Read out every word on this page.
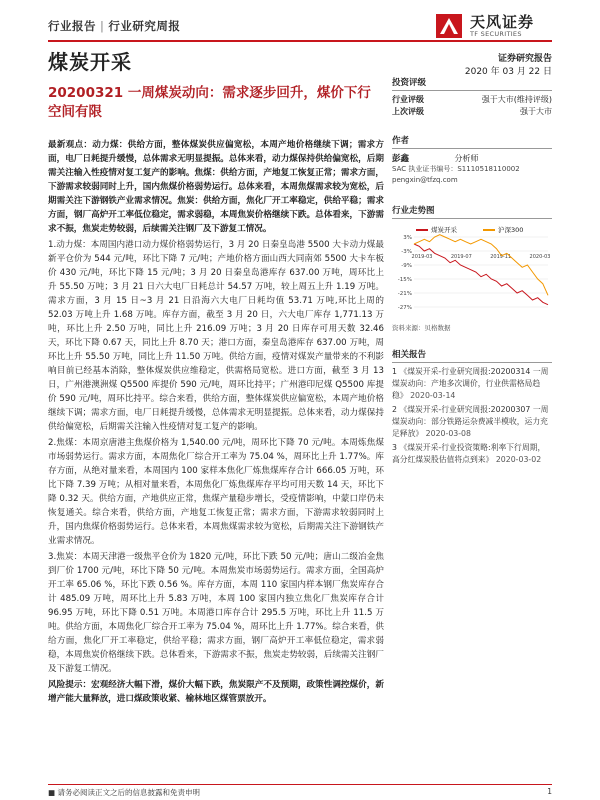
行业报告 | 行业研究周报	天风证券
TF SECURITIES
煤炭开采	证券研究报告
2020 年 03 月 22 日
20200321 一周煤炭动向：需求逐步回升，煤价下行空间有限

最新观点：动力煤：供给方面，整体煤炭供应偏宽松，本周产地价格继续下调；需求方面，电厂日耗提升缓慢，总体需求无明显提振。总体来看，动力煤保持供给偏宽松，后期需关注输入性疫情对复工复产的影响。焦煤：供给方面，产地复工恢复正常；需求方面，下游需求较弱同时上升，国内焦煤价格弱势运行。总体来看，本周焦煤需求较为宽松，后期需关注下游钢铁产业需求情况。焦炭：供给方面，焦化厂开工率稳定，供给平稳；需求方面，钢厂高炉开工率低位稳定，需求弱稳，本周焦炭价格继续下跌。总体看来，下游需求不振，焦炭走势较弱，后续需关注钢厂及下游复工情况。

1.动力煤：本周国内港口动力煤价格弱势运行，3 月 20 日秦皇岛港 5500 大卡动力煤最新平仓价为 544 元/吨，环比下降 7 元/吨；产地价格方面山西大同南郊 5500 大卡车板价 430 元/吨，环比下降 15 元/吨；3 月 20 日秦皇岛港库存 637.00 万吨，周环比上升 55.50 万吨；3 月 21 日六大电厂日耗总计 54.57 万吨，较上周五上升 1.19 万吨。需求方面，3 月 15 日~3 月 21 日沿海六大电厂日耗均值 53.71 万吨,环比上周的 52.03 万吨上升 1.68 万吨。库存方面，截至 3 月 20 日，六大电厂库存 1,771.13 万吨，环比上升 2.50 万吨，同比上升 216.09 万吨；3 月 20 日库存可用天数 32.46 天，环比下降 0.67 天，同比上升 8.70 天；港口方面，秦皇岛港库存 637.00 万吨，周环比上升 55.50 万吨，同比上升 11.50 万吨。供给方面，疫情对煤炭产量带来的不利影响目前已经基本消除，整体煤炭供应维稳定，供需格局宽松。进口方面，截至 3 月 13 日，广州港澳洲煤 Q5500 库提价 590 元/吨，周环比持平；广州港印尼煤 Q5500 库提价 590 元/吨，周环比持平。综合来看，供给方面，整体煤炭供应偏宽松，本周产地价格继续下调；需求方面，电厂日耗提升缓慢，总体需求无明显提振。总体来看，动力煤保持供给偏宽松，后期需关注输入性疫情对复工复产的影响。

2.焦煤：本周京唐港主焦煤价格为 1,540.00 元/吨，周环比下降 70 元/吨。本周炼焦煤市场弱势运行。需求方面，本周焦化厂综合开工率为 75.04 %，周环比上升 1.77%。库存方面，从绝对量来看，本周国内 100 家样本焦化厂炼焦煤库存合计 666.05 万吨，环比下降 7.39 万吨；从相对量来看，本周焦化厂炼焦煤库存平均可用天数 14 天，环比下降 0.32 天。供给方面，产地供应正常，焦煤产量稳步增长，受疫情影响，中蒙口岸仍未恢复通关。综合来看，供给方面，产地复工恢复正常；需求方面，下游需求较弱同时上升，国内焦煤价格弱势运行。总体来看，本周焦煤需求较为宽松，后期需关注下游钢铁产业需求情况。

3.焦炭：本周天津港一级焦平仓价为 1820 元/吨，环比下跌 50 元/吨；唐山二级冶金焦到厂价 1700 元/吨，环比下降 50 元/吨。本周焦炭市场弱势运行。需求方面，全国高炉开工率 65.06 %，环比下跌 0.56 %。库存方面，本周 110 家国内样本钢厂焦炭库存合计 485.09 万吨，周环比上升 5.83 万吨，本周 100 家国内独立焦化厂焦炭库存合计 96.95 万吨，环比下降 0.51 万吨。本周港口库存合计 295.5 万吨，环比上升 11.5 万吨。供给方面，本周焦化厂综合开工率为 75.04 %，周环比上升 1.77%。综合来看，供给方面，焦化厂开工率稳定，供给平稳；需求方面，钢厂高炉开工率低位稳定，需求弱稳，本周焦炭价格继续下跌。总体看来，下游需求不振，焦炭走势较弱，后续需关注钢厂及下游复工情况。

风险提示：宏观经济大幅下滑，煤价大幅下跌，焦炭限产不及预期，政策性调控煤价，新增产能大量释放，进口煤政策收紧、榆林地区煤管票放开。

投资评级
行业评级	强于大市(维持评级)
上次评级	强于大市
作者
彭鑫	分析师
SAC 执业证书编号：S1110518110002
pengxin@tfzq.com
行业走势图
3%
-3%
-9%
-15%
-21%
-27%
2019-03	2019-07	2019-11	2020-03
煤炭开采	沪深300
资料来源：贝格数据
相关报告
1 《煤炭开采-行业研究周报:20200314 一周煤炭动向：产地多次调价，行业供需格局趋稳》 2020-03-14
2 《煤炭开采-行业研究周报:20200307 一周煤炭动向：部分铁路运杂费减半模收，运力充足释放》 2020-03-08
3 《煤炭开采-行业投资策略:利率下行周期，高分红煤炭股估值将点到来》 2020-03-02
■ 请务必阅读正文之后的信息披露和免责申明	1
